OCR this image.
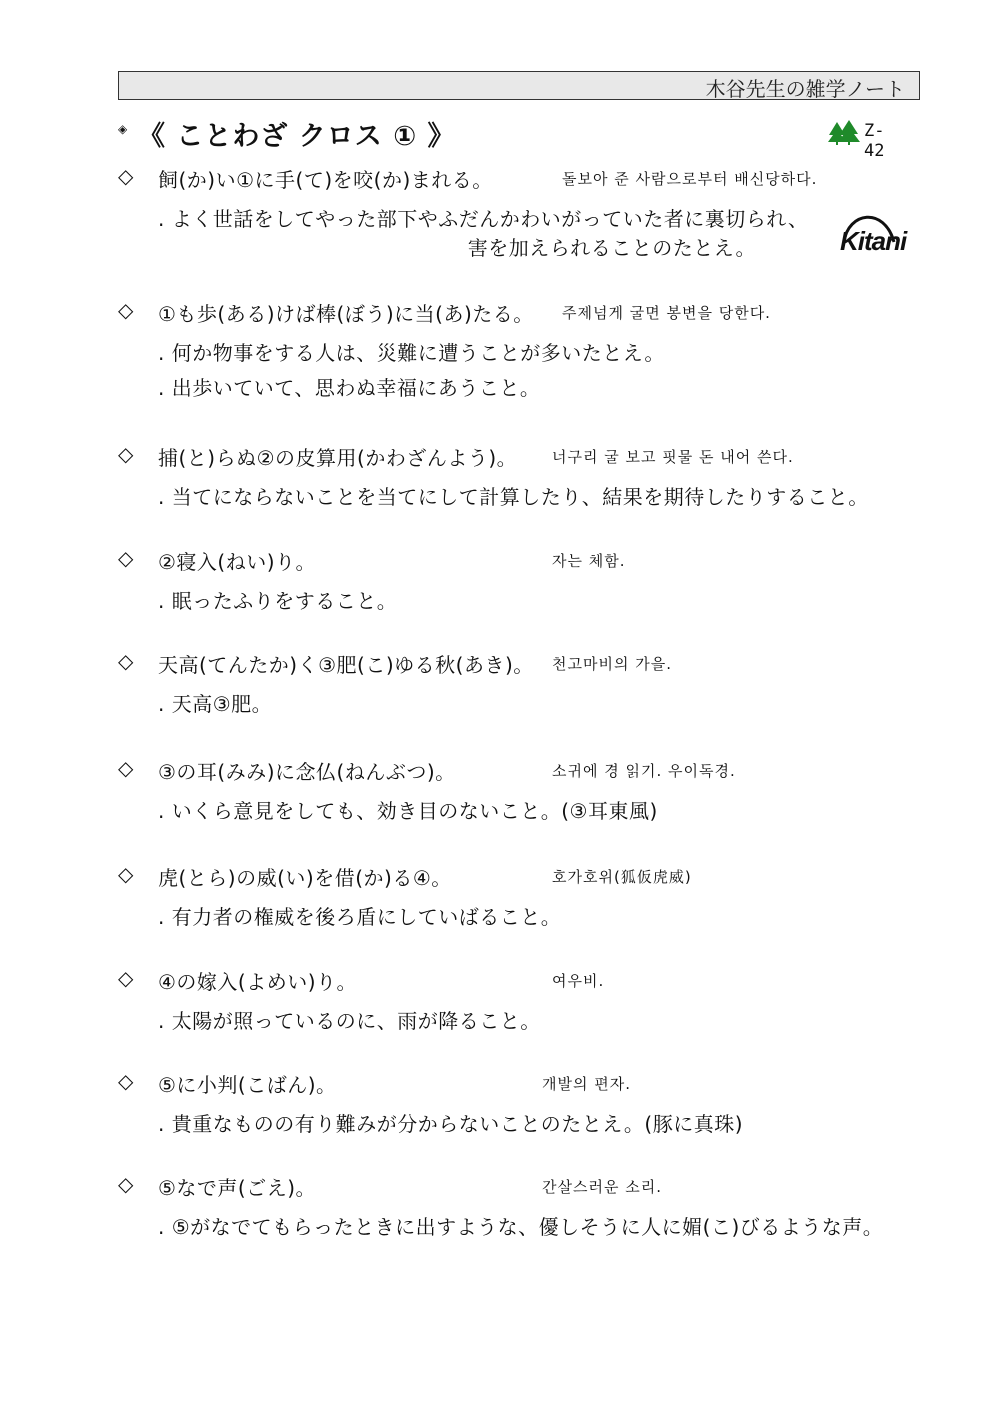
木谷先生の雑学ノート
◈ 《 ことわざ クロス ① 》	Z-42
Kitani
◇ 飼(か)い①に手(て)を咬(か)まれる。	돌보아 준 사람으로부터 배신당하다.
. よく世話をしてやった部下やふだんかわいがっていた者に裏切られ、
害を加えられることのたとえ。
◇ ①も歩(ある)けば棒(ぼう)に当(あ)たる。 주제넘게 굴면 봉변을 당한다.
. 何か物事をする人は、災難に遭うことが多いたとえ。
. 出歩いていて、思わぬ幸福にあうこと。
◇ 捕(と)らぬ②の皮算用(かわざんよう)。 너구리 굴 보고 핏물 돈 내어 쓴다.
. 当てにならないことを当てにして計算したり、結果を期待したりすること。
◇ ②寝入(ねい)り。	자는 체함.
. 眠ったふりをすること。
◇ 天高(てんたか)く③肥(こ)ゆる秋(あき)。 천고마비의 가을.
. 天高③肥。
◇ ③の耳(みみ)に念仏(ねんぶつ)。	소귀에 경 읽기. 우이독경.
. いくら意見をしても、効き目のないこと。(③耳東風)
◇ 虎(とら)の威(い)を借(か)る④。	호가호위(狐仮虎威)
. 有力者の権威を後ろ盾にしていばること。
◇ ④の嫁入(よめい)り。	여우비.
. 太陽が照っているのに、雨が降ること。
◇ ⑤に小判(こばん)。	개발의 편자.
. 貴重なものの有り難みが分からないことのたとえ。(豚に真珠)
◇ ⑤なで声(ごえ)。	간살스러운 소리.
. ⑤がなでてもらったときに出すような、優しそうに人に媚(こ)びるような声。
